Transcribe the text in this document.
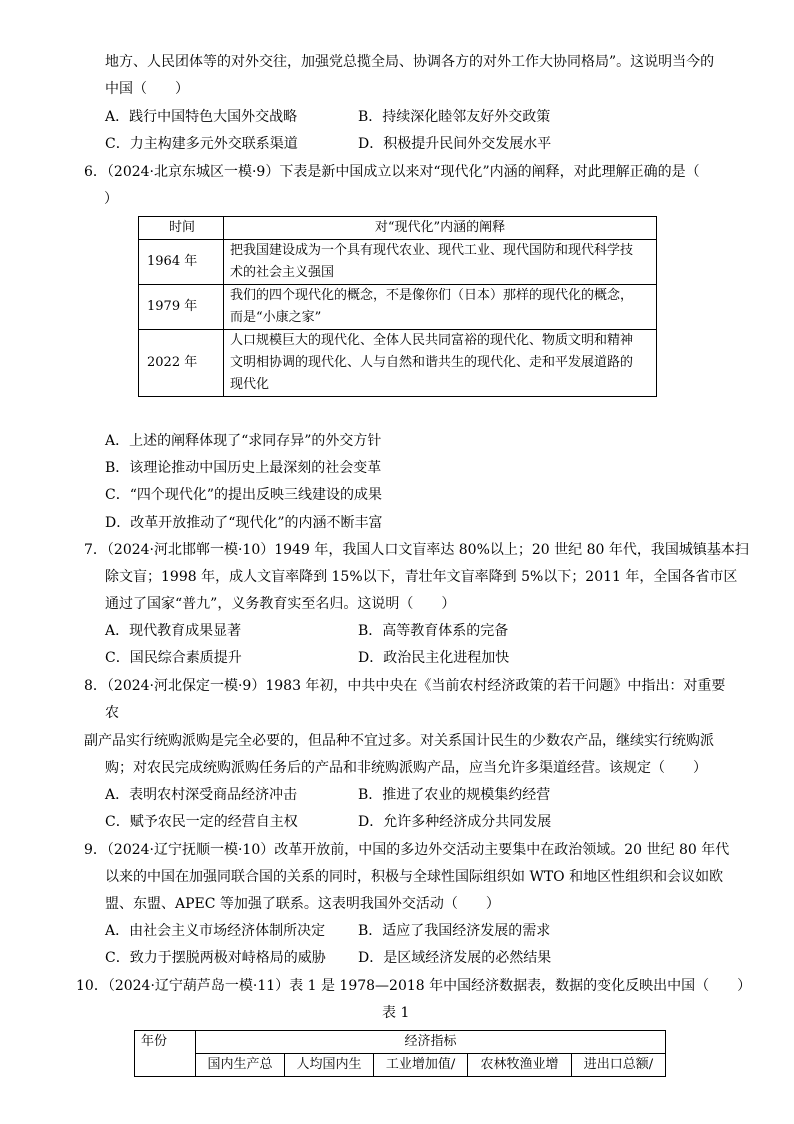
地方、人民团体等的对外交往，加强党总揽全局、协调各方的对外工作大协同格局”。这说明当今的
中国（　　）
A．践行中国特色大国外交战略	B．持续深化睦邻友好外交政策
C．力主构建多元外交联系渠道	D．积极提升民间外交发展水平
6．（2024·北京东城区一模·9）下表是新中国成立以来对“现代化”内涵的阐释，对此理解正确的是（
）
时间	对“现代化”内涵的阐释
1964 年	把我国建设成为一个具有现代农业、现代工业、现代国防和现代科学技
术的社会主义强国

1979 年	我们的四个现代化的概念，不是像你们（日本）那样的现代化的概念，
而是“小康之家”

2022 年	人口规模巨大的现代化、全体人民共同富裕的现代化、物质文明和精神
文明相协调的现代化、人与自然和谐共生的现代化、走和平发展道路的
现代化
A．上述的阐释体现了“求同存异”的外交方针
B．该理论推动中国历史上最深刻的社会变革
C．“四个现代化”的提出反映三线建设的成果
D．改革开放推动了“现代化”的内涵不断丰富
7．（2024·河北邯郸一模·10）1949 年，我国人口文盲率达 80%以上；20 世纪 80 年代，我国城镇基本扫
除文盲；1998 年，成人文盲率降到 15%以下，青壮年文盲率降到 5%以下；2011 年，全国各省市区
通过了国家“普九”，义务教育实至名归。这说明（　　）
A．现代教育成果显著	B．高等教育体系的完备
C．国民综合素质提升	D．政治民主化进程加快
8．（2024·河北保定一模·9）1983 年初，中共中央在《当前农村经济政策的若干问题》中指出：对重要
农
副产品实行统购派购是完全必要的，但品种不宜过多。对关系国计民生的少数农产品，继续实行统购派
购；对农民完成统购派购任务后的产品和非统购派购产品，应当允许多渠道经营。该规定（　　）
A．表明农村深受商品经济冲击	B．推进了农业的规模集约经营
C．赋予农民一定的经营自主权	D．允许多种经济成分共同发展
9．（2024·辽宁抚顺一模·10）改革开放前，中国的多边外交活动主要集中在政治领域。20 世纪 80 年代
以来的中国在加强同联合国的关系的同时，积极与全球性国际组织如 WTO 和地区性组织和会议如欧
盟、东盟、APEC 等加强了联系。这表明我国外交活动（　　）
A．由社会主义市场经济体制所决定 B．适应了我国经济发展的需求
C．致力于摆脱两极对峙格局的威胁 D．是区域经济发展的必然结果
10．（2024·辽宁葫芦岛一模·11）表 1 是 1978—2018 年中国经济数据表，数据的变化反映出中国（　　）
表 1
年份	经济指标				
	国内生产总	人均国内生	工业增加值/	农林牧渔业增	进出口总额/
